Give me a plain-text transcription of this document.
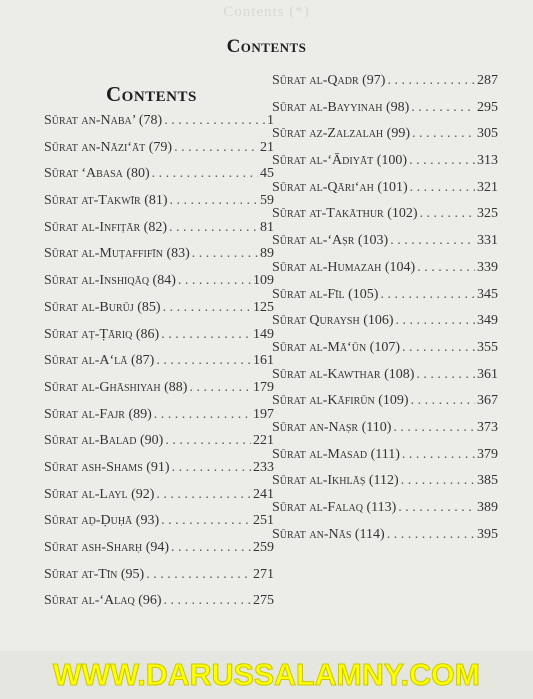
Contents (*)
Contents
Contents
Sūrat an-Naba’ (78) . . .	1
Sūrat an-Nāzi‘āt (79) . . .	21
Sūrat ‘Abasa (80) . . .	45
Sūrat at-Takwīr (81) . . .	59
Sūrat al-Infiṭār (82) . . .	81
Sūrat al-Muṭaffifīn (83) . . .	89
Sūrat al-Inshiqāq (84) . . .	109
Sūrat al-Burūj (85) . . .	125
Sūrat aṭ-Ṭāriq (86) . . .	149
Sūrat al-A‘lā (87) . . .	161
Sūrat al-Ghāshiyah (88) . . .	179
Sūrat al-Fajr (89) . . .	197
Sūrat al-Balad (90) . . .	221
Sūrat ash-Shams (91) . . .	233
Sūrat al-Layl (92) . . .	241
Sūrat aḍ-Ḍuḥā (93) . . .	251
Sūrat ash-Sharḥ (94) . . .	259
Sūrat at-Tīn (95) . . .	271
Sūrat al-‘Alaq (96) . . .	275
Sūrat al-Qadr (97) . . .	287
Sūrat al-Bayyinah (98) . . .	295
Sūrat az-Zalzalah (99) . . .	305
Sūrat al-‘Ādiyāt (100) . . .	313
Sūrat al-Qāri‘ah (101) . . .	321
Sūrat at-Takāthur (102) . . .	325
Sūrat al-‘Aṣr (103) . . .	331
Sūrat al-Humazah (104) . . .	339
Sūrat al-Fīl (105) . . .	345
Sūrat Quraysh (106) . . .	349
Sūrat al-Mā‘ūn (107) . . .	355
Sūrat al-Kawthar (108) . . .	361
Sūrat al-Kāfirūn (109) . . .	367
Sūrat an-Naṣr (110) . . .	373
Sūrat al-Masad (111) . . .	379
Sūrat al-Ikhlāṣ (112) . . .	385
Sūrat al-Falaq (113) . . .	389
Sūrat an-Nās (114) . . .	395
WWW.DARUSSALAMNY.COM
